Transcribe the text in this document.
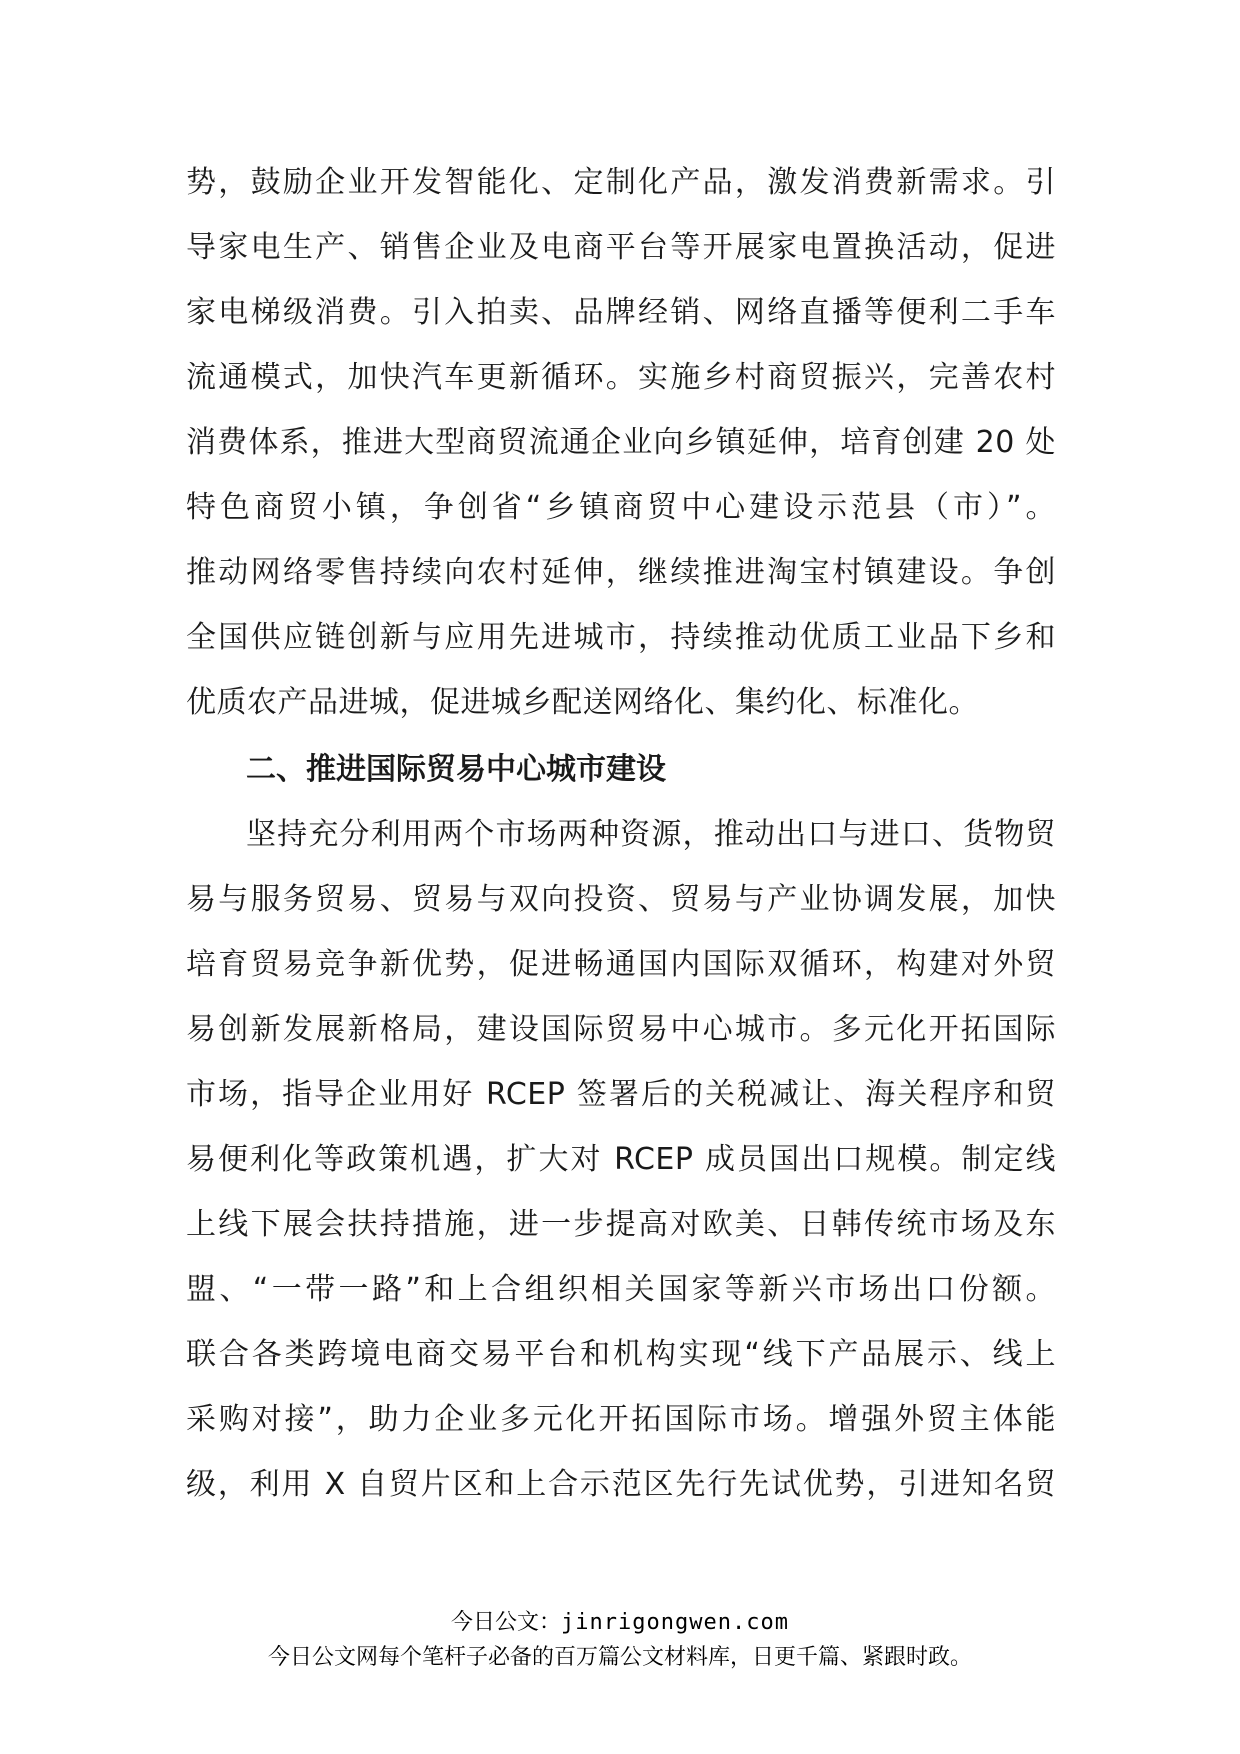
势，鼓励企业开发智能化、定制化产品，激发消费新需求。引
导家电生产、销售企业及电商平台等开展家电置换活动，促进
家电梯级消费。引入拍卖、品牌经销、网络直播等便利二手车
流通模式，加快汽车更新循环。实施乡村商贸振兴，完善农村
消费体系，推进大型商贸流通企业向乡镇延伸，培育创建 20 处
特色商贸小镇，争创省“乡镇商贸中心建设示范县（市）”。
推动网络零售持续向农村延伸，继续推进淘宝村镇建设。争创
全国供应链创新与应用先进城市，持续推动优质工业品下乡和
优质农产品进城，促进城乡配送网络化、集约化、标准化。
二、推进国际贸易中心城市建设
坚持充分利用两个市场两种资源，推动出口与进口、货物贸
易与服务贸易、贸易与双向投资、贸易与产业协调发展，加快
培育贸易竞争新优势，促进畅通国内国际双循环，构建对外贸
易创新发展新格局，建设国际贸易中心城市。多元化开拓国际
市场，指导企业用好 RCEP 签署后的关税减让、海关程序和贸
易便利化等政策机遇，扩大对 RCEP 成员国出口规模。制定线
上线下展会扶持措施，进一步提高对欧美、日韩传统市场及东
盟、“一带一路”和上合组织相关国家等新兴市场出口份额。
联合各类跨境电商交易平台和机构实现“线下产品展示、线上
采购对接”，助力企业多元化开拓国际市场。增强外贸主体能
级，利用 X 自贸片区和上合示范区先行先试优势，引进知名贸
今日公文：jinrigongwen.com
今日公文网每个笔杆子必备的百万篇公文材料库，日更千篇、紧跟时政。
